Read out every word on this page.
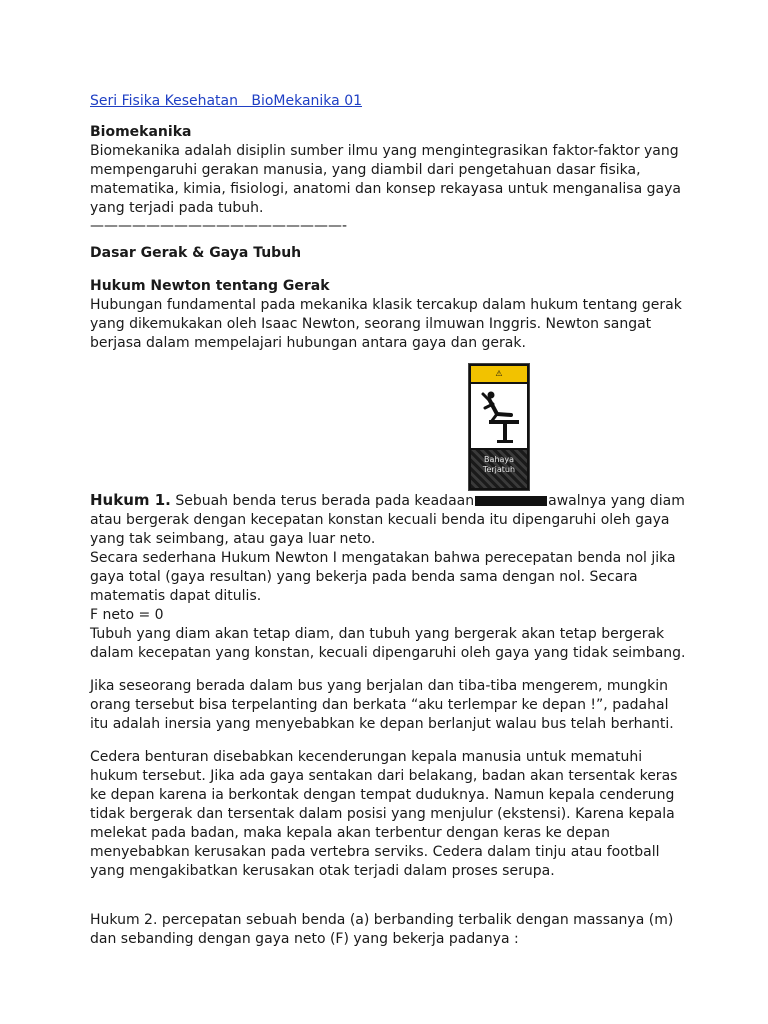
Seri Fisika Kesehatan   BioMekanika 01
Biomekanika

Biomekanika adalah disiplin sumber ilmu yang mengintegrasikan faktor-faktor yang mempengaruhi gerakan manusia, yang diambil dari pengetahuan dasar fisika, matematika, kimia, fisiologi, anatomi dan konsep rekayasa untuk menganalisa gaya yang terjadi pada tubuh.

——————————————————-
Dasar Gerak & Gaya Tubuh
Hukum Newton tentang Gerak

Hubungan fundamental pada mekanika klasik tercakup dalam hukum tentang gerak yang dikemukakan oleh Isaac Newton, seorang ilmuwan Inggris. Newton sangat berjasa dalam mempelajari hubungan antara gaya dan gerak.

⚠
Bahaya
Terjatuh

Hukum 1. Sebuah benda terus berada pada keadaan	awalnya yang diam atau bergerak dengan kecepatan konstan kecuali benda itu dipengaruhi oleh gaya yang tak seimbang, atau gaya luar neto.

Secara sederhana Hukum Newton I mengatakan bahwa perecepatan benda nol jika gaya total (gaya resultan) yang bekerja pada benda sama dengan nol. Secara matematis dapat ditulis.

F neto = 0

Tubuh yang diam akan tetap diam, dan tubuh yang bergerak akan tetap bergerak dalam kecepatan yang konstan, kecuali dipengaruhi oleh gaya yang tidak seimbang.

Jika seseorang berada dalam bus yang berjalan dan tiba-tiba mengerem, mungkin orang tersebut bisa terpelanting dan berkata “aku terlempar ke depan !”, padahal itu adalah inersia yang menyebabkan ke depan berlanjut walau bus telah berhanti.

Cedera benturan disebabkan kecenderungan kepala manusia untuk mematuhi hukum tersebut. Jika ada gaya sentakan dari belakang, badan akan tersentak keras ke depan karena ia berkontak dengan tempat duduknya. Namun kepala cenderung tidak bergerak dan tersentak dalam posisi yang menjulur (ekstensi). Karena kepala melekat pada badan, maka kepala akan terbentur dengan keras ke depan menyebabkan kerusakan pada vertebra serviks. Cedera dalam tinju atau football yang mengakibatkan kerusakan otak terjadi dalam proses serupa.

Hukum 2. percepatan sebuah benda (a) berbanding terbalik dengan massanya (m) dan sebanding dengan gaya neto (F) yang bekerja padanya :
